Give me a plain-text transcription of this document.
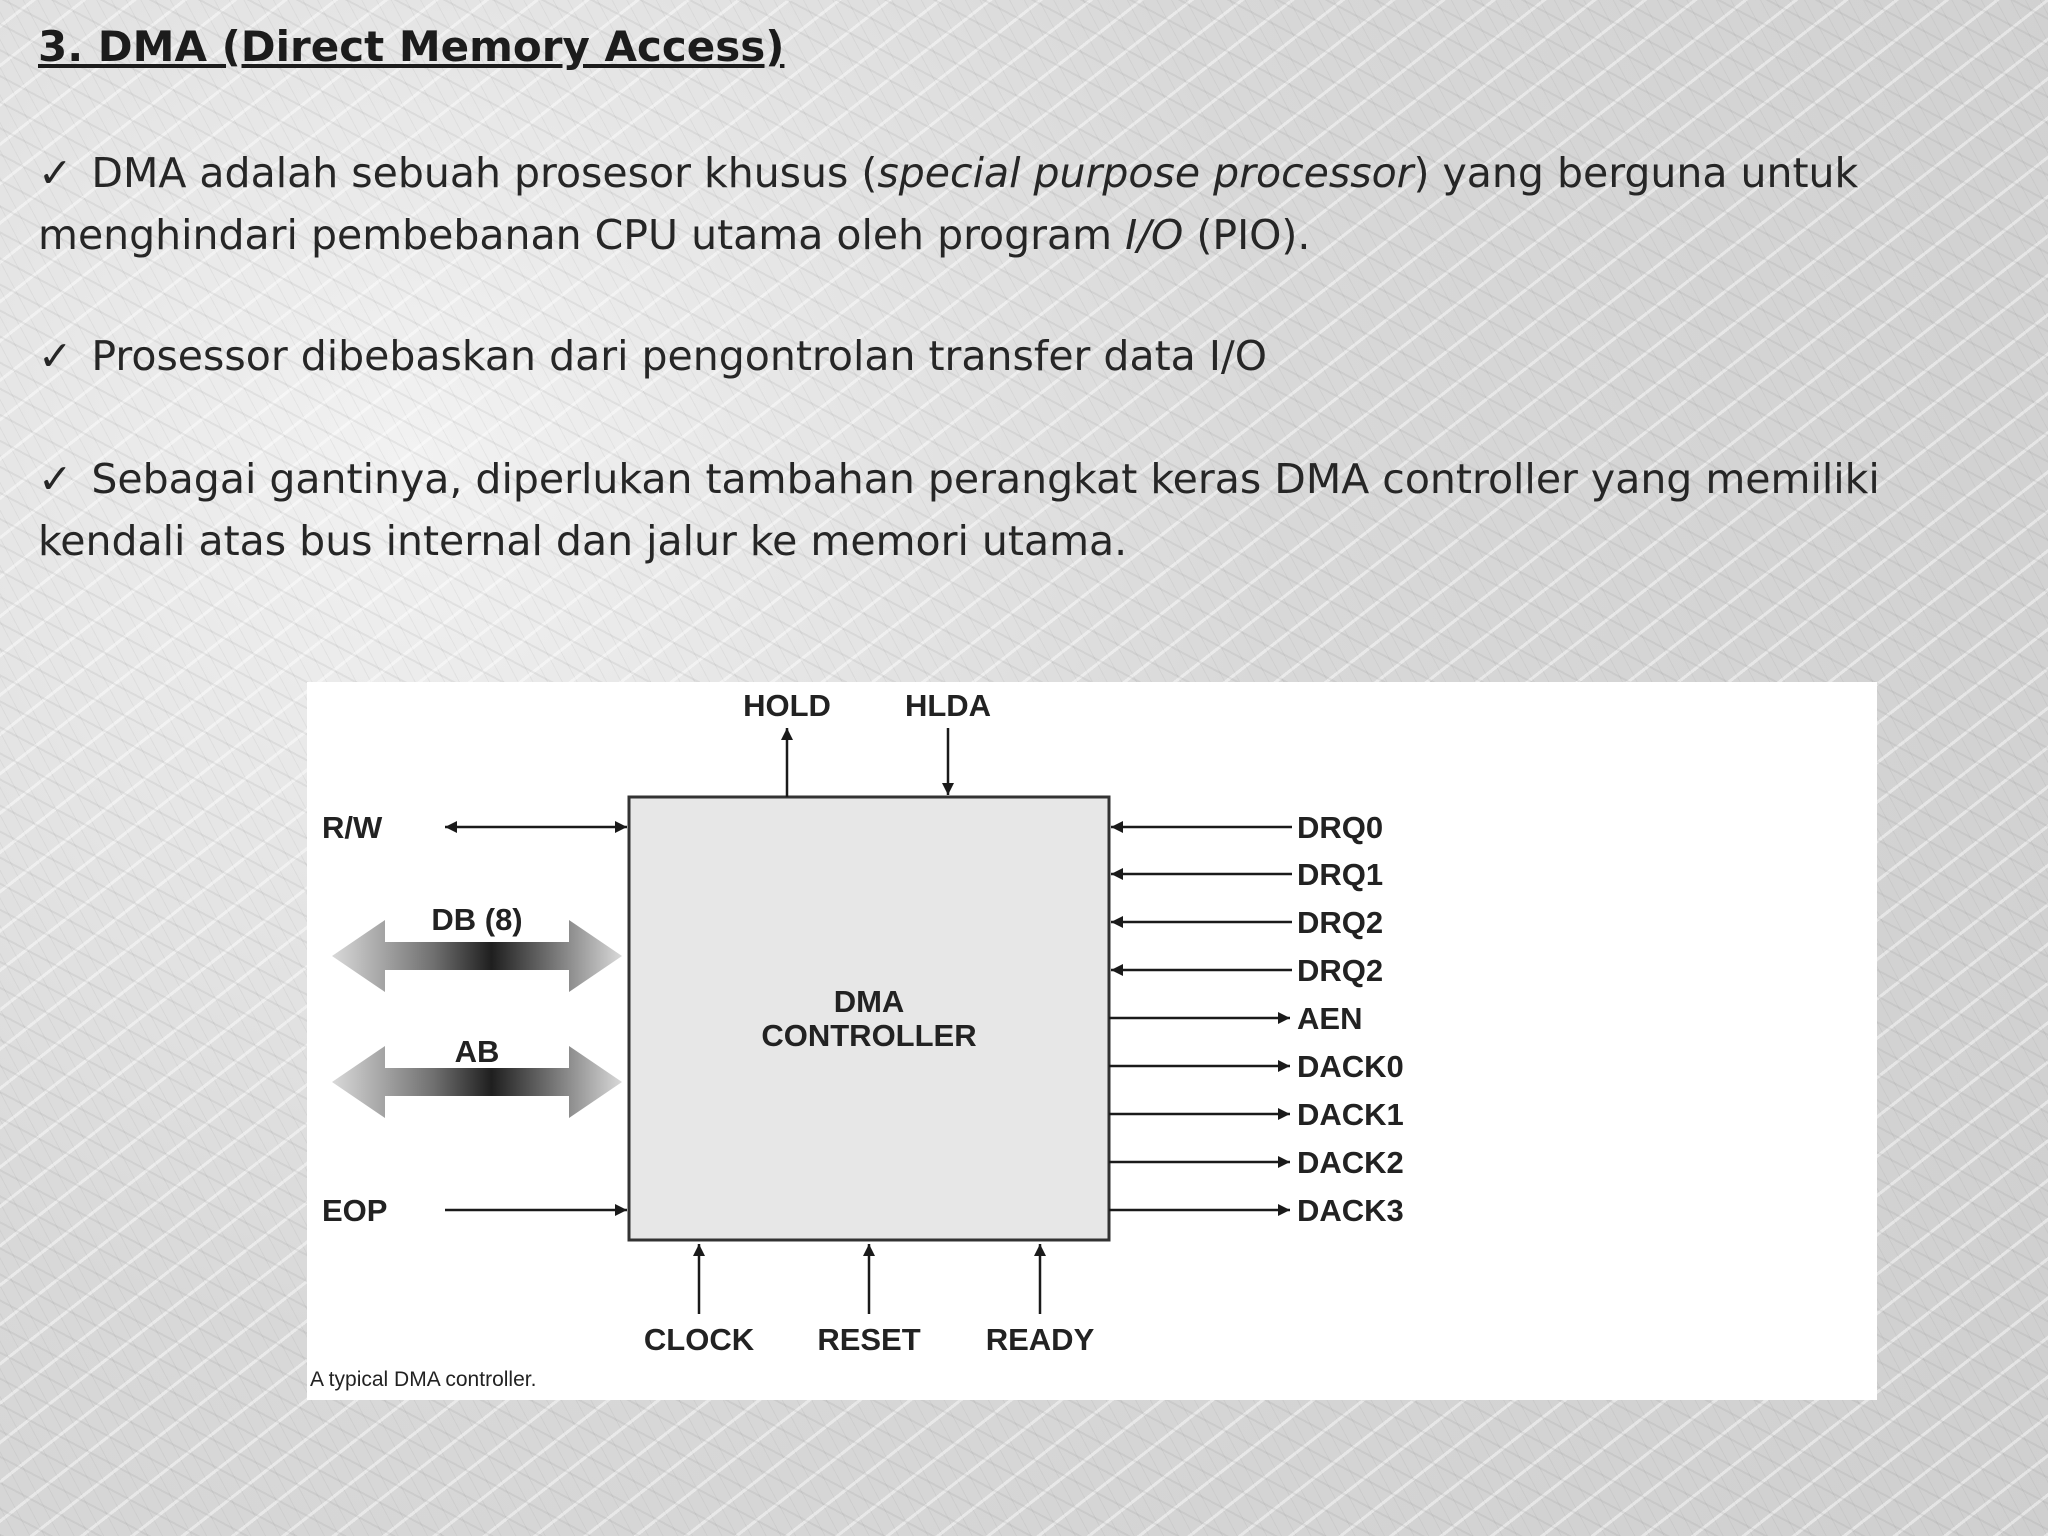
3. DMA (Direct Memory Access)

✓ DMA adalah sebuah prosesor khusus (special purpose processor) yang berguna untuk menghindari pembebanan CPU utama oleh program I/O (PIO).

✓ Prosessor dibebaskan dari pengontrolan transfer data I/O

✓ Sebagai gantinya, diperlukan tambahan perangkat keras DMA controller yang memiliki kendali atas bus internal dan jalur ke memori utama.

DMA
CONTROLLER
HOLD HLDA
R/W
DB (8)
AB
EOP
DRQ0
DRQ1
DRQ2
DRQ2
AEN
DACK0
DACK1
DACK2
DACK3
CLOCK RESET READY
A typical DMA controller.
